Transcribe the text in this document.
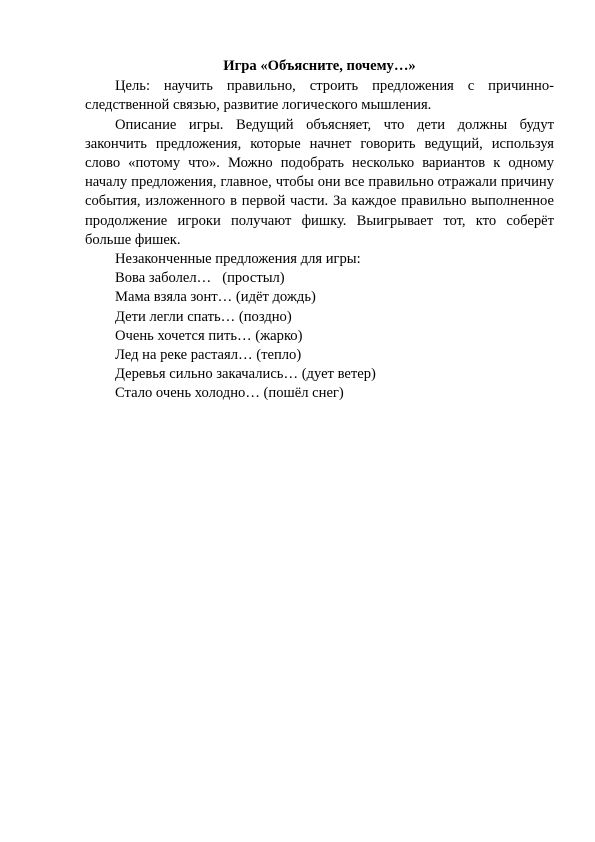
Игра «Объясните, почему…»

Цель: научить правильно, строить предложения с причинно-следственной связью, развитие логического мышления.

Описание игры. Ведущий объясняет, что дети должны будут закончить предложения, которые начнет говорить ведущий, используя слово «потому что». Можно подобрать несколько вариантов к одному началу предложения, главное, чтобы они все правильно отражали причину события, изложенного в первой части. За каждое правильно выполненное продолжение игроки получают фишку. Выигрывает тот, кто соберёт больше фишек.

Незаконченные предложения для игры:

Вова заболел…   (простыл)
Мама взяла зонт… (идёт дождь)
Дети легли спать… (поздно)
Очень хочется пить… (жарко)
Лед на реке растаял… (тепло)
Деревья сильно закачались… (дует ветер)
Стало очень холодно… (пошёл снег)
